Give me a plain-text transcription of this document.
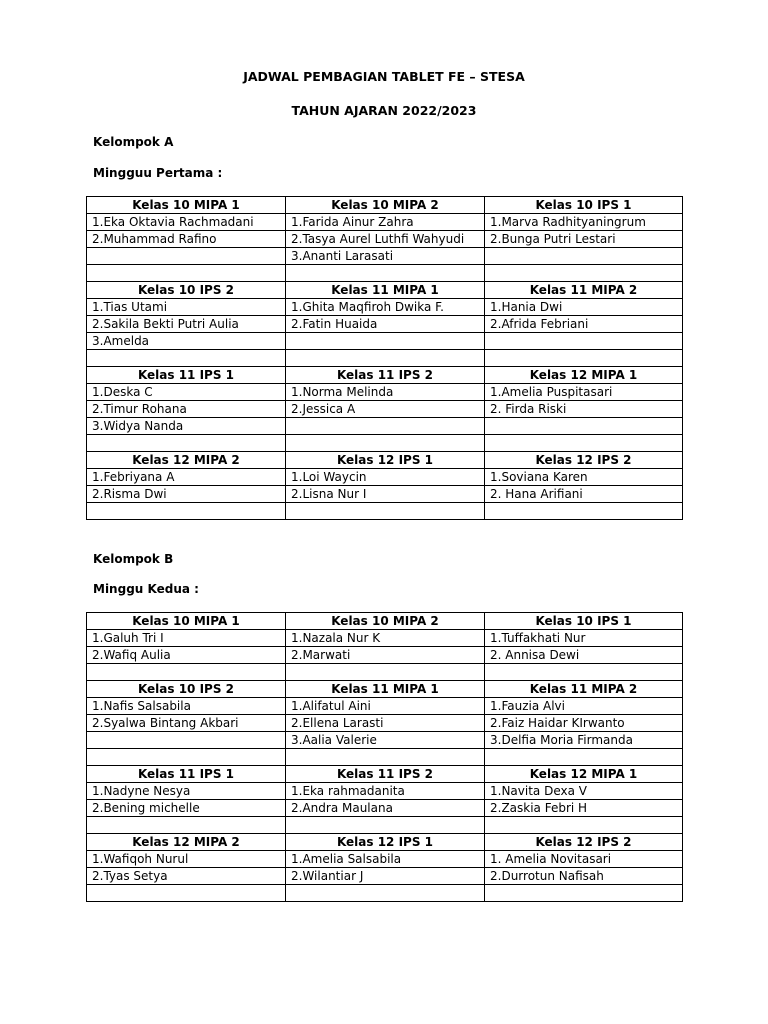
JADWAL PEMBAGIAN TABLET FE – STESA
TAHUN AJARAN 2022/2023
Kelompok A
Mingguu Pertama :
Kelas 10 MIPA 1	Kelas 10 MIPA 2	Kelas 10 IPS 1
1.Eka Oktavia Rachmadani	1.Farida Ainur Zahra	1.Marva Radhityaningrum
2.Muhammad Rafino	2.Tasya Aurel Luthfi Wahyudi	2.Bunga Putri Lestari
	3.Ananti Larasati	

Kelas 10 IPS 2	Kelas 11 MIPA 1	Kelas 11 MIPA 2
1.Tias Utami	1.Ghita Maqfiroh Dwika F.	1.Hania Dwi
2.Sakila Bekti Putri Aulia	2.Fatin Huaida	2.Afrida Febriani
3.Amelda		

Kelas 11 IPS 1	Kelas 11 IPS 2	Kelas 12 MIPA 1
1.Deska C	1.Norma Melinda	1.Amelia Puspitasari
2.Timur Rohana	2.Jessica A	2. Firda Riski
3.Widya Nanda		

Kelas 12 MIPA 2	Kelas 12 IPS 1	Kelas 12 IPS 2
1.Febriyana A	1.Loi Waycin	1.Soviana Karen
2.Risma Dwi	2.Lisna Nur I	2. Hana Arifiani

Kelompok B
Minggu Kedua :
Kelas 10 MIPA 1	Kelas 10 MIPA 2	Kelas 10 IPS 1
1.Galuh Tri I	1.Nazala Nur K	1.Tuffakhati Nur
2.Wafiq Aulia	2.Marwati	2. Annisa Dewi

Kelas 10 IPS 2	Kelas 11 MIPA 1	Kelas 11 MIPA 2
1.Nafis Salsabila	1.Alifatul Aini	1.Fauzia Alvi
2.Syalwa Bintang Akbari	2.Ellena Larasti	2.Faiz Haidar KIrwanto
	3.Aalia Valerie	3.Delfia Moria Firmanda

Kelas 11 IPS 1	Kelas 11 IPS 2	Kelas 12 MIPA 1
1.Nadyne Nesya	1.Eka rahmadanita	1.Navita Dexa V
2.Bening michelle	2.Andra Maulana	2.Zaskia Febri H

Kelas 12 MIPA 2	Kelas 12 IPS 1	Kelas 12 IPS 2
1.Wafiqoh Nurul	1.Amelia Salsabila	1. Amelia Novitasari
2.Tyas Setya	2.Wilantiar J	2.Durrotun Nafisah
